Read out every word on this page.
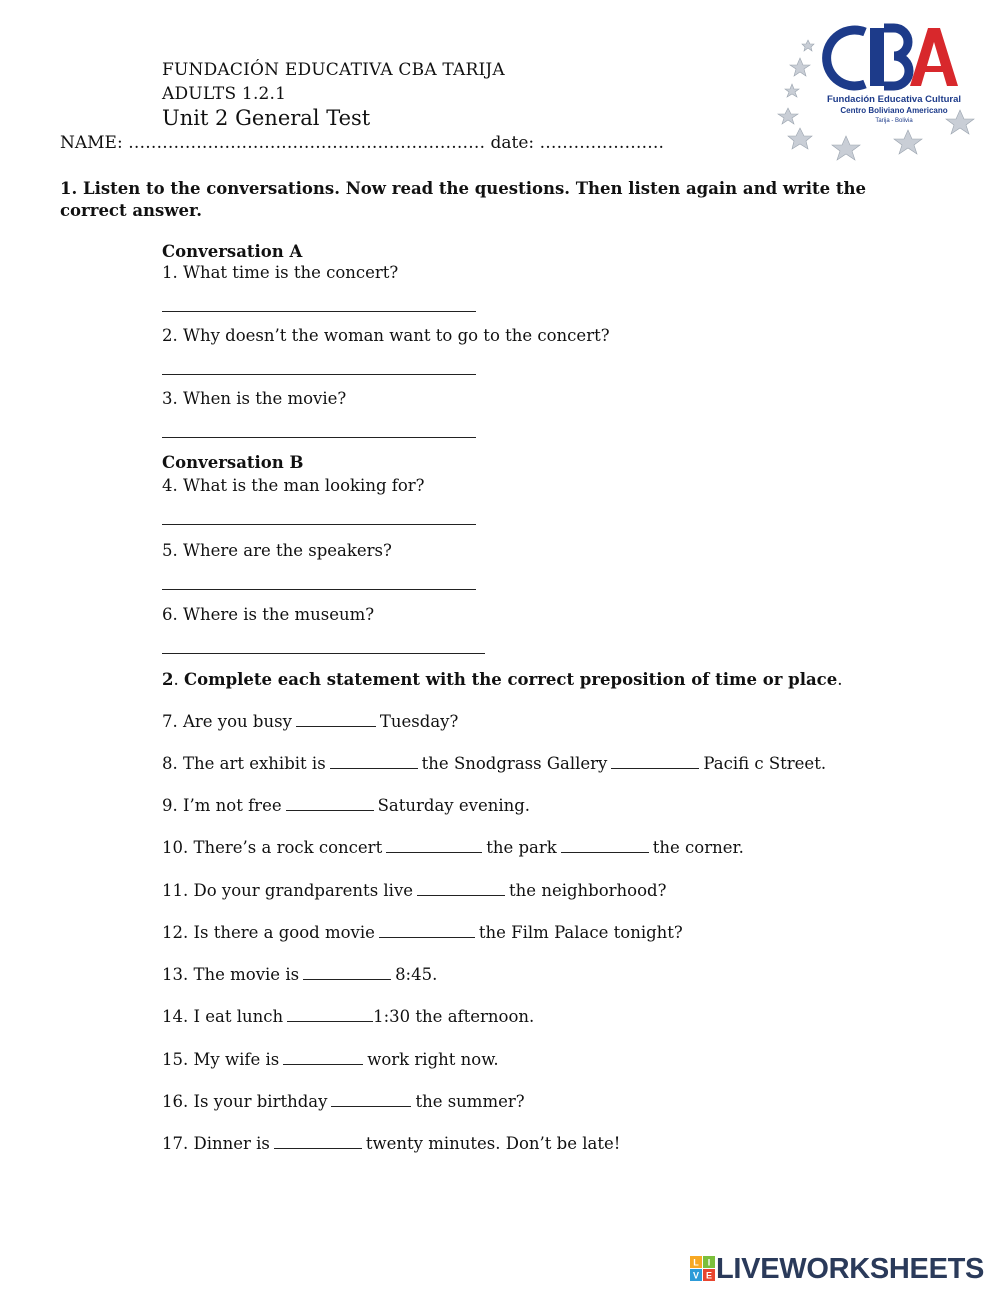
FUNDACIÓN EDUCATIVA CBA TARIJA
ADULTS 1.2.1
Unit 2 General Test
NAME: ……………………………………………………… date: ………………….
Fundación Educativa Cultural
Centro Boliviano Americano
Tarija - Bolivia
1. Listen to the conversations. Now read the questions. Then listen again and write the correct answer.
Conversation A
1. What time is the concert?
2. Why doesn’t the woman want to go to the concert?
3. When is the movie?
Conversation B
4. What is the man looking for?
5. Where are the speakers?
6. Where is the museum?
2. Complete each statement with the correct preposition of time or place.
7. Are you busy	Tuesday?
8. The art exhibit is	the Snodgrass Gallery	Pacifi c Street.
9. I’m not free	Saturday evening.
10. There’s a rock concert	the park	the corner.
11. Do your grandparents live	the neighborhood?
12. Is there a good movie	the Film Palace tonight?
13. The movie is	8:45.
14. I eat lunch	1:30 the afternoon.
15. My wife is	work right now.
16. Is your birthday	the summer?
17. Dinner is	twenty minutes. Don’t be late!
L I
V E LIVEWORKSHEETS
